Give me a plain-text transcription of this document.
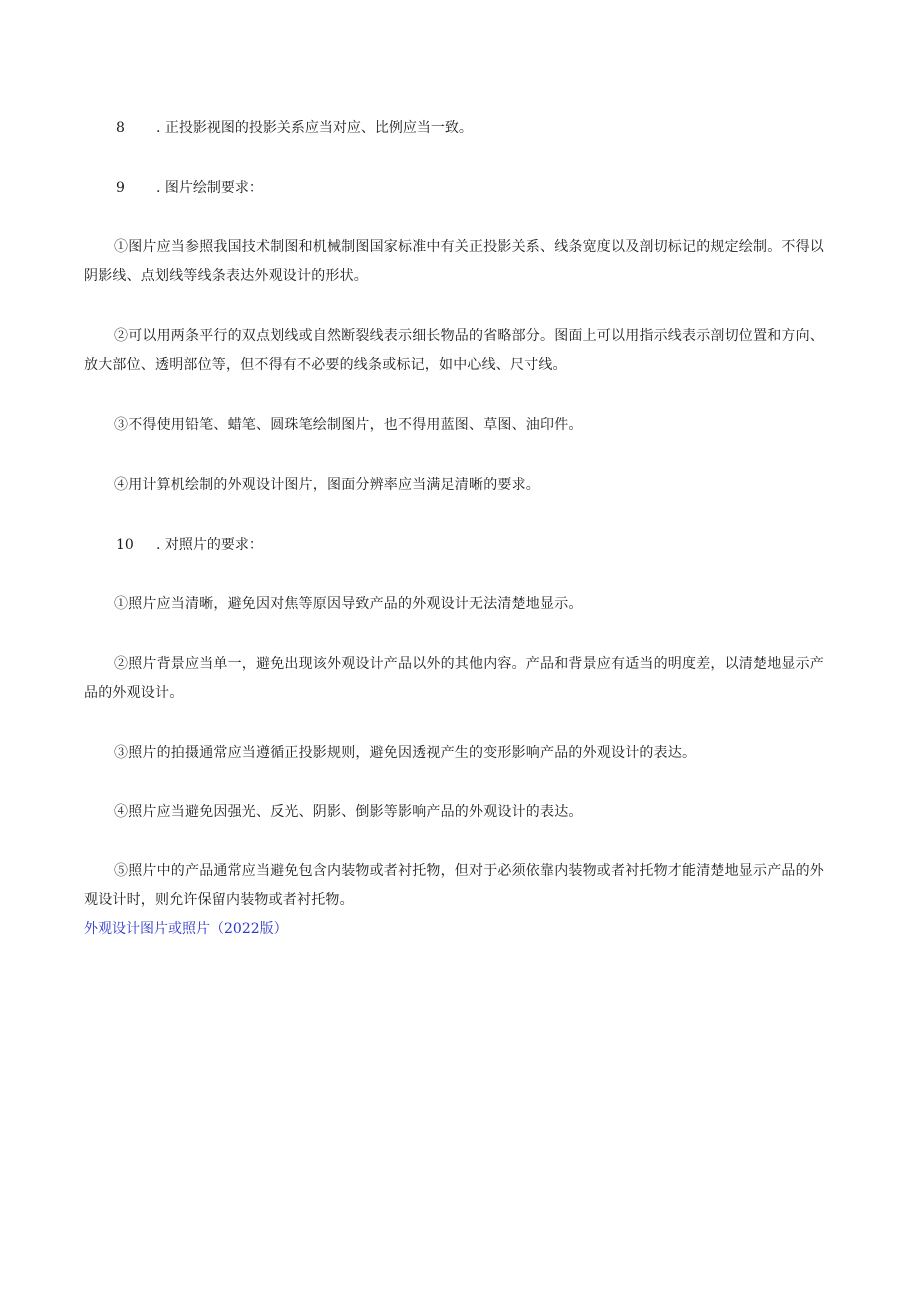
8 . 正投影视图的投影关系应当对应、比例应当一致。
9 . 图片绘制要求：
①图片应当参照我国技术制图和机械制图国家标准中有关正投影关系、线条宽度以及剖切标记的规定绘制。不得以阴影线、点划线等线条表达外观设计的形状。
②可以用两条平行的双点划线或自然断裂线表示细长物品的省略部分。图面上可以用指示线表示剖切位置和方向、放大部位、透明部位等，但不得有不必要的线条或标记，如中心线、尺寸线。
③不得使用铅笔、蜡笔、圆珠笔绘制图片，也不得用蓝图、草图、油印件。
④用计算机绘制的外观设计图片，图面分辨率应当满足清晰的要求。
10 . 对照片的要求：
①照片应当清晰，避免因对焦等原因导致产品的外观设计无法清楚地显示。
②照片背景应当单一，避免出现该外观设计产品以外的其他内容。产品和背景应有适当的明度差，以清楚地显示产品的外观设计。
③照片的拍摄通常应当遵循正投影规则，避免因透视产生的变形影响产品的外观设计的表达。
④照片应当避免因强光、反光、阴影、倒影等影响产品的外观设计的表达。
⑤照片中的产品通常应当避免包含内装物或者衬托物，但对于必须依靠内装物或者衬托物才能清楚地显示产品的外观设计时，则允许保留内装物或者衬托物。
外观设计图片或照片（2022版）
